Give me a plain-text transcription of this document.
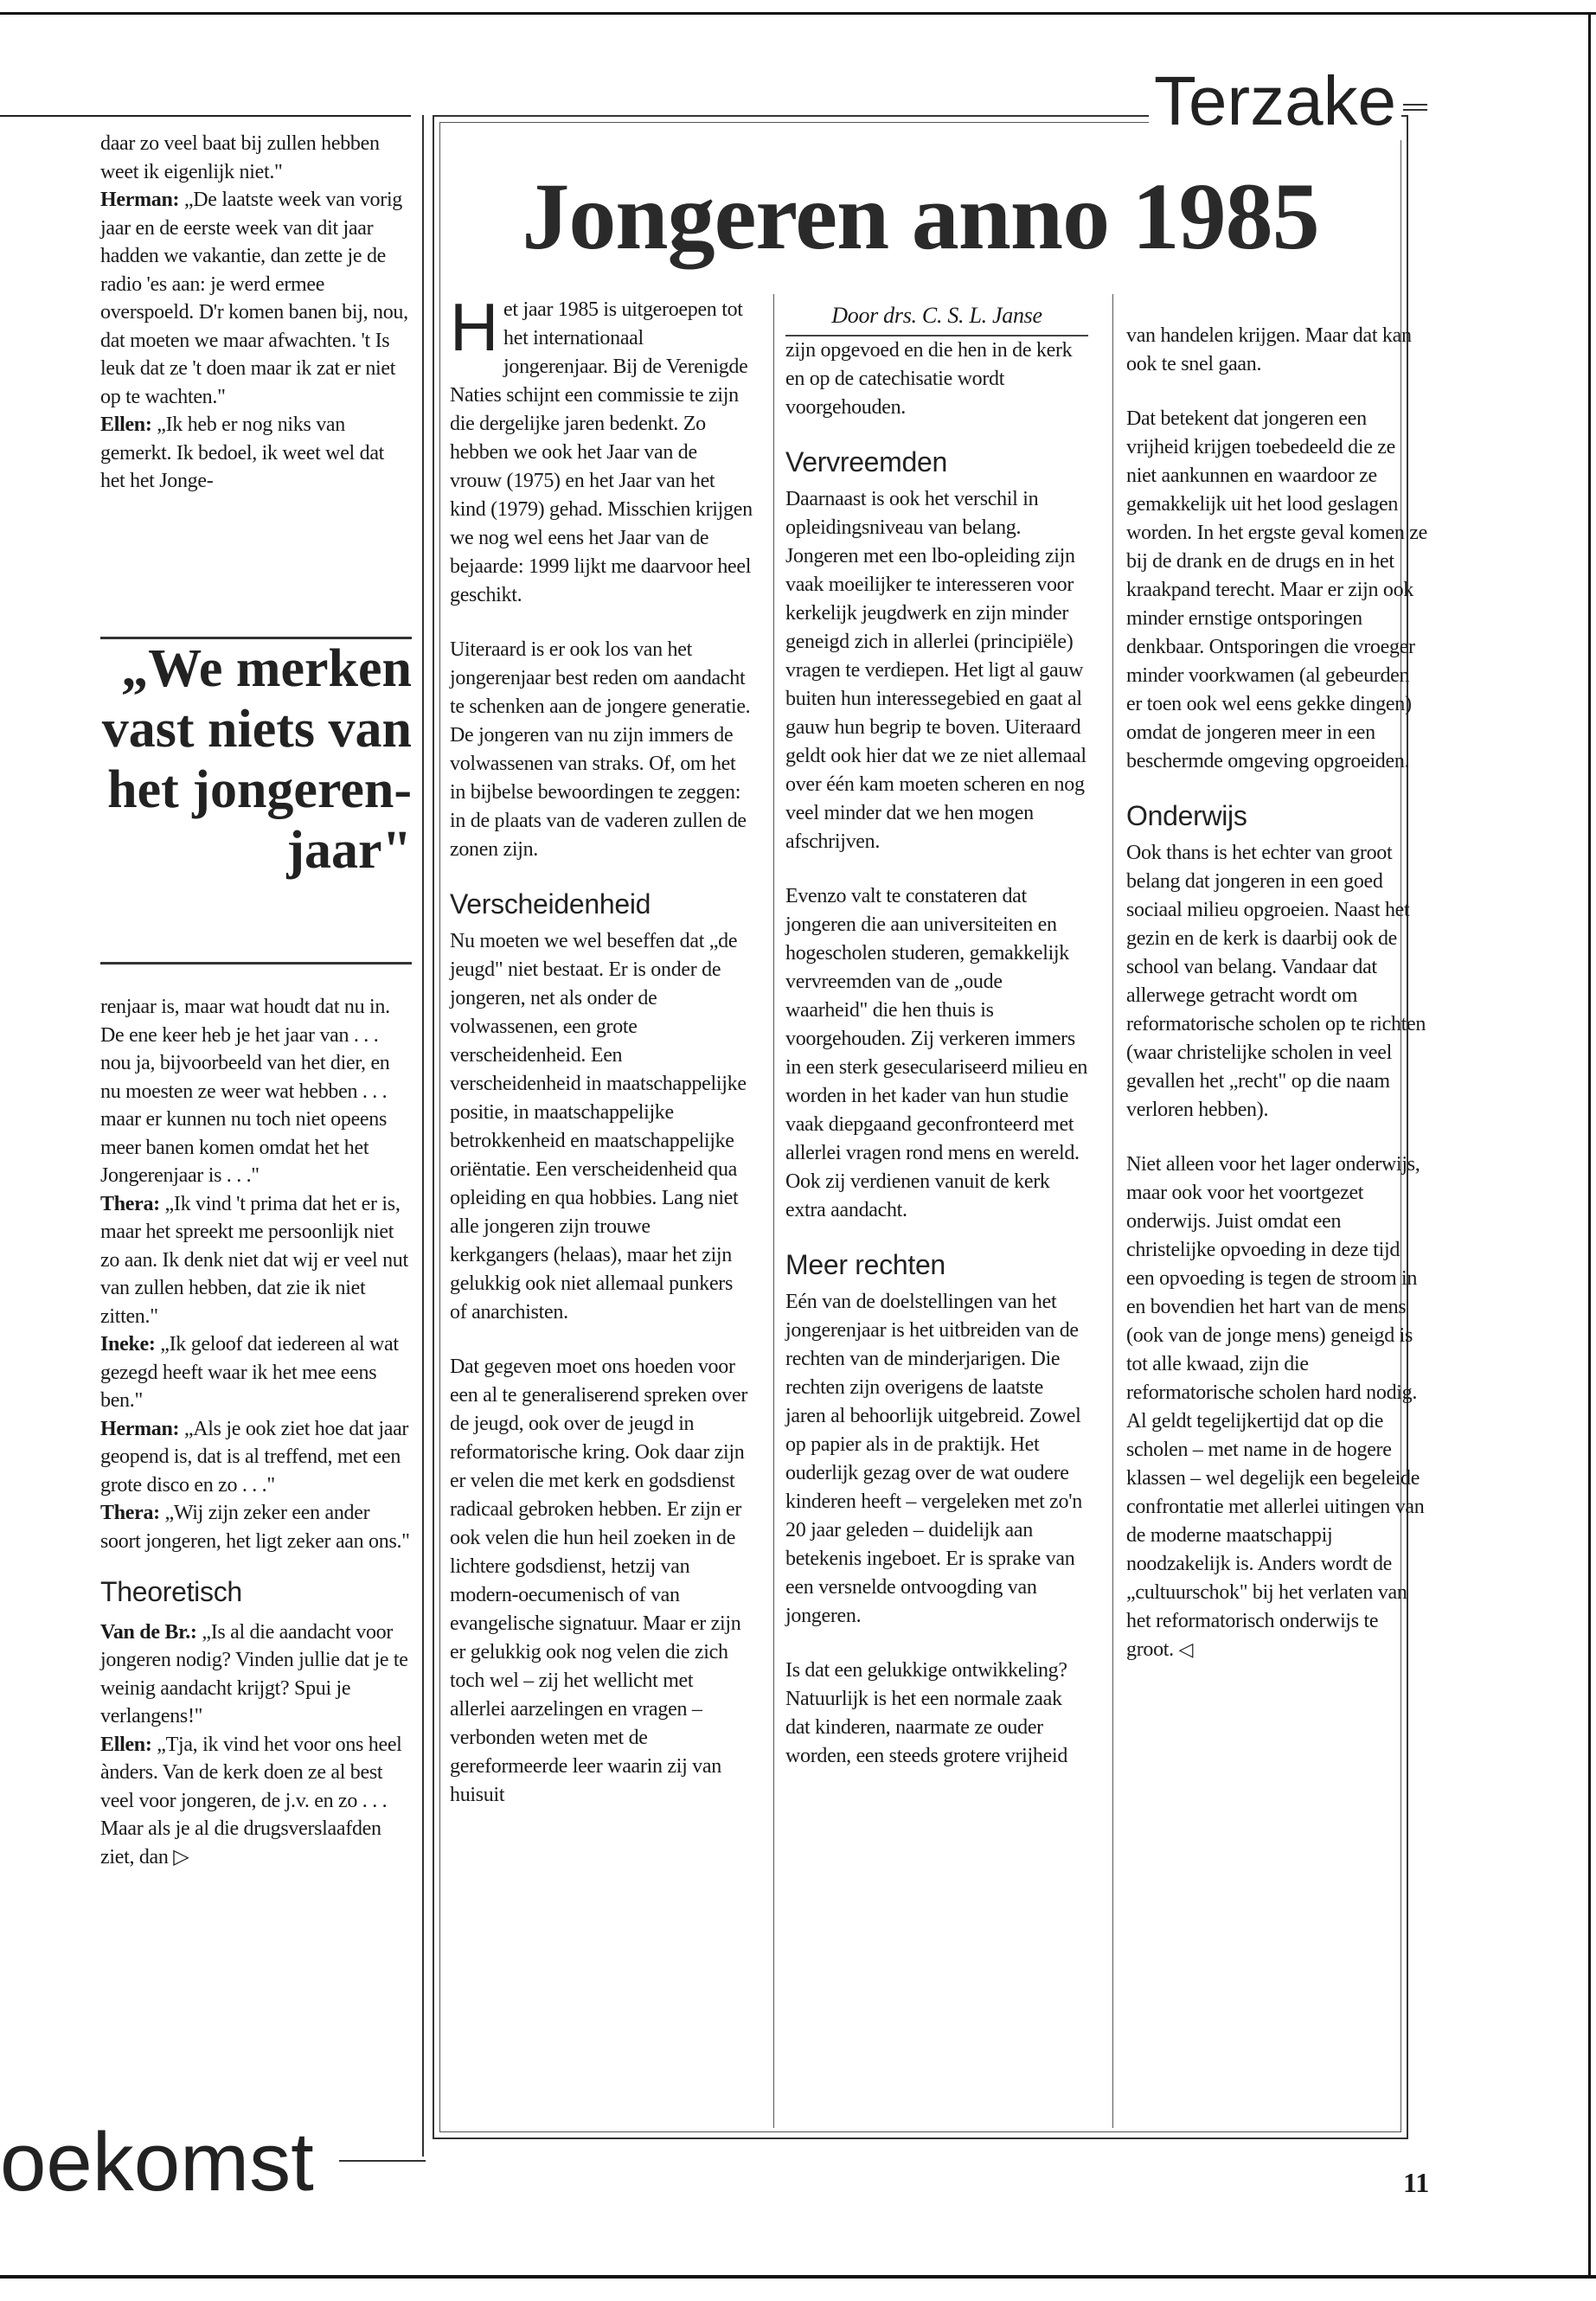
daar zo veel baat bij zullen hebben weet ik eigenlijk niet."

Herman: „De laatste week van vorig jaar en de eerste week van dit jaar hadden we vakantie, dan zette je de radio 'es aan: je werd ermee overspoeld. D'r komen banen bij, nou, dat moeten we maar afwachten. 't Is leuk dat ze 't doen maar ik zat er niet op te wachten."

Ellen: „Ik heb er nog niks van gemerkt. Ik bedoel, ik weet wel dat het het Jonge-

„We merken vast niets van het jongeren-jaar"

renjaar is, maar wat houdt dat nu in. De ene keer heb je het jaar van . . . nou ja, bijvoorbeeld van het dier, en nu moesten ze weer wat hebben . . . maar er kunnen nu toch niet opeens meer banen komen omdat het het Jongerenjaar is . . ."

Thera: „Ik vind 't prima dat het er is, maar het spreekt me persoonlijk niet zo aan. Ik denk niet dat wij er veel nut van zullen hebben, dat zie ik niet zitten."

Ineke: „Ik geloof dat iedereen al wat gezegd heeft waar ik het mee eens ben."

Herman: „Als je ook ziet hoe dat jaar geopend is, dat is al treffend, met een grote disco en zo . . ."

Thera: „Wij zijn zeker een ander soort jongeren, het ligt zeker aan ons."

Theoretisch

Van de Br.: „Is al die aandacht voor jongeren nodig? Vinden jullie dat je te weinig aandacht krijgt? Spui je verlangens!"

Ellen: „Tja, ik vind het voor ons heel ànders. Van de kerk doen ze al best veel voor jongeren, de j.v. en zo . . . Maar als je al die drugsverslaafden ziet, dan ▷

oekomst
Terzake
Jongeren anno 1985

Het jaar 1985 is uitgeroepen tot het internationaal jongerenjaar. Bij de Verenigde Naties schijnt een commissie te zijn die dergelijke jaren bedenkt. Zo hebben we ook het Jaar van de vrouw (1975) en het Jaar van het kind (1979) gehad. Misschien krijgen we nog wel eens het Jaar van de bejaarde: 1999 lijkt me daarvoor heel geschikt.

Uiteraard is er ook los van het jongerenjaar best reden om aandacht te schenken aan de jongere generatie. De jongeren van nu zijn immers de volwassenen van straks. Of, om het in bijbelse bewoordingen te zeggen: in de plaats van de vaderen zullen de zonen zijn.

Verscheidenheid

Nu moeten we wel beseffen dat „de jeugd" niet bestaat. Er is onder de jongeren, net als onder de volwassenen, een grote verscheidenheid. Een verscheidenheid in maatschappelijke positie, in maatschappelijke betrokkenheid en maatschappelijke oriëntatie. Een verscheidenheid qua opleiding en qua hobbies. Lang niet alle jongeren zijn trouwe kerkgangers (helaas), maar het zijn gelukkig ook niet allemaal punkers of anarchisten.

Dat gegeven moet ons hoeden voor een al te generaliserend spreken over de jeugd, ook over de jeugd in reformatorische kring. Ook daar zijn er velen die met kerk en godsdienst radicaal gebroken hebben. Er zijn er ook velen die hun heil zoeken in de lichtere godsdienst, hetzij van modern-oecumenisch of van evangelische signatuur. Maar er zijn er gelukkig ook nog velen die zich toch wel – zij het wellicht met allerlei aarzelingen en vragen – verbonden weten met de gereformeerde leer waarin zij van huisuit

Door drs. C. S. L. Janse

zijn opgevoed en die hen in de kerk en op de catechisatie wordt voorgehouden.

Vervreemden

Daarnaast is ook het verschil in opleidingsniveau van belang. Jongeren met een lbo-opleiding zijn vaak moeilijker te interesseren voor kerkelijk jeugdwerk en zijn minder geneigd zich in allerlei (principiële) vragen te verdiepen. Het ligt al gauw buiten hun interessegebied en gaat al gauw hun begrip te boven. Uiteraard geldt ook hier dat we ze niet allemaal over één kam moeten scheren en nog veel minder dat we hen mogen afschrijven.

Evenzo valt te constateren dat jongeren die aan universiteiten en hogescholen studeren, gemakkelijk vervreemden van de „oude waarheid" die hen thuis is voorgehouden. Zij verkeren immers in een sterk geseculariseerd milieu en worden in het kader van hun studie vaak diepgaand geconfronteerd met allerlei vragen rond mens en wereld. Ook zij verdienen vanuit de kerk extra aandacht.

Meer rechten

Eén van de doelstellingen van het jongerenjaar is het uitbreiden van de rechten van de minderjarigen. Die rechten zijn overigens de laatste jaren al behoorlijk uitgebreid. Zowel op papier als in de praktijk. Het ouderlijk gezag over de wat oudere kinderen heeft – vergeleken met zo'n 20 jaar geleden – duidelijk aan betekenis ingeboet. Er is sprake van een versnelde ontvoogding van jongeren.

Is dat een gelukkige ontwikkeling? Natuurlijk is het een normale zaak dat kinderen, naarmate ze ouder worden, een steeds grotere vrijheid

van handelen krijgen. Maar dat kan ook te snel gaan.

Dat betekent dat jongeren een vrijheid krijgen toebedeeld die ze niet aankunnen en waardoor ze gemakkelijk uit het lood geslagen worden. In het ergste geval komen ze bij de drank en de drugs en in het kraakpand terecht. Maar er zijn ook minder ernstige ontsporingen denkbaar. Ontsporingen die vroeger minder voorkwamen (al gebeurden er toen ook wel eens gekke dingen) omdat de jongeren meer in een beschermde omgeving opgroeiden.

Onderwijs

Ook thans is het echter van groot belang dat jongeren in een goed sociaal milieu opgroeien. Naast het gezin en de kerk is daarbij ook de school van belang. Vandaar dat allerwege getracht wordt om reformatorische scholen op te richten (waar christelijke scholen in veel gevallen het „recht" op die naam verloren hebben).

Niet alleen voor het lager onderwijs, maar ook voor het voortgezet onderwijs. Juist omdat een christelijke opvoeding in deze tijd een opvoeding is tegen de stroom in en bovendien het hart van de mens (ook van de jonge mens) geneigd is tot alle kwaad, zijn die reformatorische scholen hard nodig. Al geldt tegelijkertijd dat op die scholen – met name in de hogere klassen – wel degelijk een begeleide confrontatie met allerlei uitingen van de moderne maatschappij noodzakelijk is. Anders wordt de „cultuurschok" bij het verlaten van het reformatorisch onderwijs te groot. ◁

11
